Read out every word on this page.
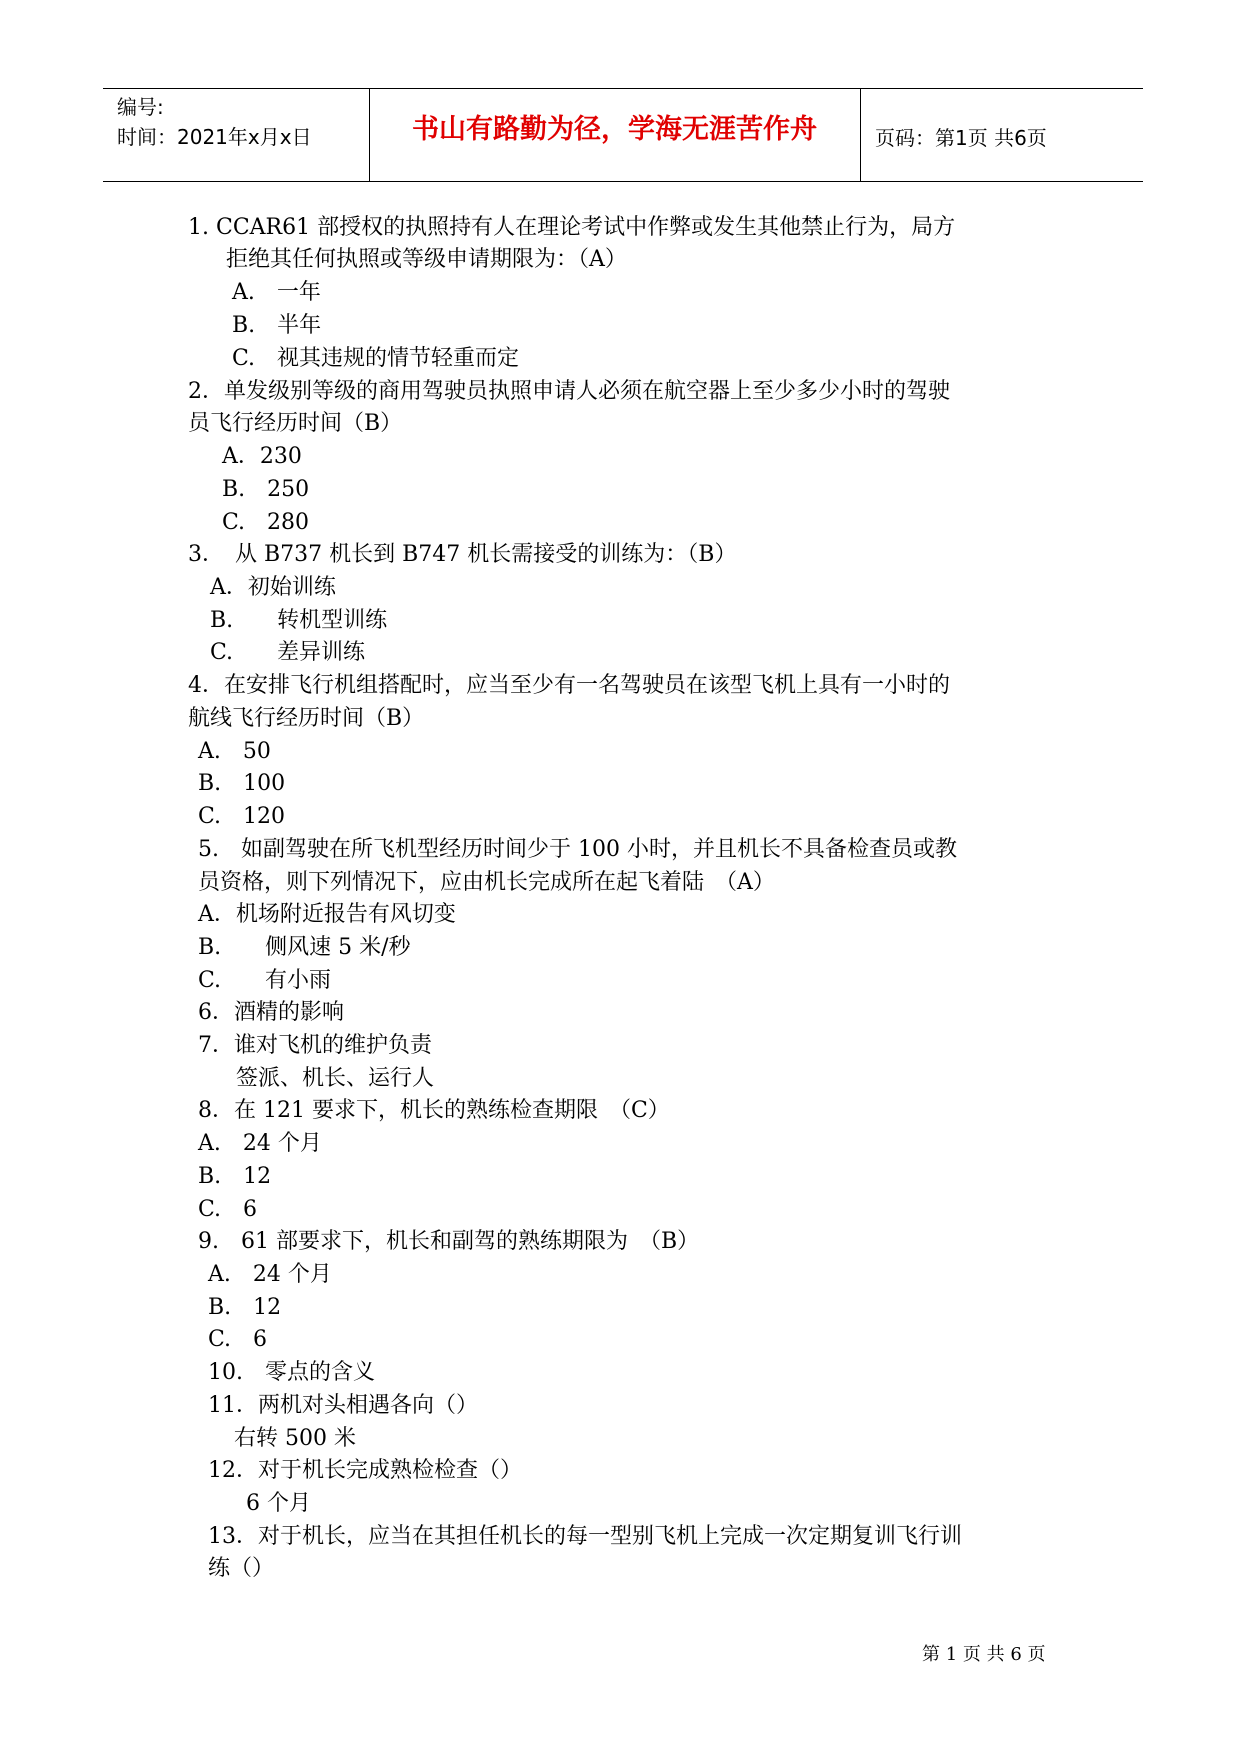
编号:
时间：2021年x月x日	书山有路勤为径，学海无涯苦作舟	页码：第1页 共6页
1. CCAR61 部授权的执照持有人在理论考试中作弊或发生其他禁止行为，局方
拒绝其任何执照或等级申请期限为：（A）
A.　一年
B.　半年
C.　视其违规的情节轻重而定
2．单发级别等级的商用驾驶员执照申请人必须在航空器上至少多少小时的驾驶
员飞行经历时间（B）
A．230
B.　250
C.　280
3．　从 B737 机长到 B747 机长需接受的训练为：（B）
A．初始训练
B.　　转机型训练
C.　　差异训练
4．在安排飞行机组搭配时，应当至少有一名驾驶员在该型飞机上具有一小时的
航线飞行经历时间（B）
A.　50
B.　100
C.　120
5.　如副驾驶在所飞机型经历时间少于 100 小时，并且机长不具备检查员或教
员资格，则下列情况下，应由机长完成所在起飞着陆　（A）
A．机场附近报告有风切变
B.　　侧风速 5 米/秒
C.　　有小雨
6．酒精的影响
7．谁对飞机的维护负责
签派、机长、运行人
8．在 121 要求下，机长的熟练检查期限　（C）
A.　24 个月
B.　12
C.　6
9.　61 部要求下，机长和副驾的熟练期限为　（B）
A.　24 个月
B.　12
C.　6
10.　零点的含义
11．两机对头相遇各向（）
右转 500 米
12．对于机长完成熟检检查（）
6 个月
13．对于机长，应当在其担任机长的每一型别飞机上完成一次定期复训飞行训
练（）
第 1 页 共 6 页
